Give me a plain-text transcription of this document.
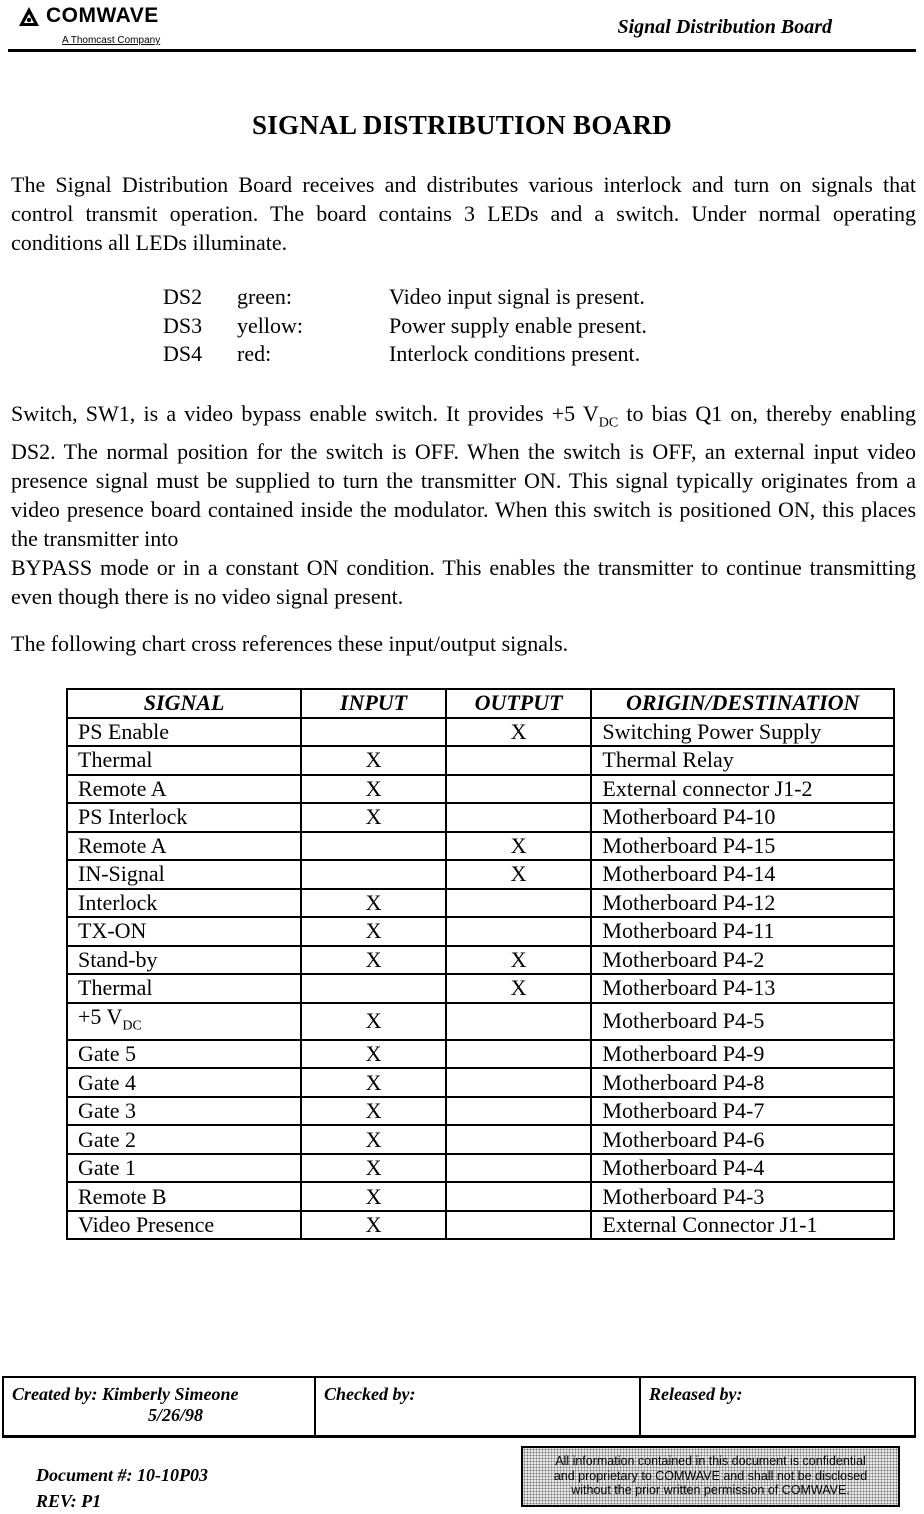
COMWAVE
A Thomcast Company
Signal Distribution Board
SIGNAL DISTRIBUTION BOARD
The Signal Distribution Board receives and distributes various interlock and turn on signals that control transmit operation. The board contains 3 LEDs and a switch. Under normal operating conditions all LEDs illuminate.
DS2 green:	Video input signal is present.
DS3 yellow:	Power supply enable present.
DS4 red:	Interlock conditions present.
Switch, SW1, is a video bypass enable switch. It provides +5 $V_{DC}$ to bias Q1 on, thereby enabling DS2. The normal position for the switch is OFF. When the switch is OFF, an external input video presence signal must be supplied to turn the transmitter ON. This signal typically originates from a video presence board contained inside the modulator. When this switch is positioned ON, this places the transmitter into
BYPASS mode or in a constant ON condition. This enables the transmitter to continue transmitting even though there is no video signal present.
The following chart cross references these input/output signals.
SIGNAL	INPUT	OUTPUT	ORIGIN/DESTINATION
PS Enable		X	Switching Power Supply
Thermal	X		Thermal Relay
Remote A	X		External connector J1-2
PS Interlock	X		Motherboard P4-10
Remote A		X	Motherboard P4-15
IN-Signal		X	Motherboard P4-14
Interlock	X		Motherboard P4-12
TX-ON	X		Motherboard P4-11
Stand-by	X	X	Motherboard P4-2
Thermal		X	Motherboard P4-13
+5 $V_{DC}$	X		Motherboard P4-5
Gate 5	X		Motherboard P4-9
Gate 4	X		Motherboard P4-8
Gate 3	X		Motherboard P4-7
Gate 2	X		Motherboard P4-6
Gate 1	X		Motherboard P4-4
Remote B	X		Motherboard P4-3
Video Presence	X		External Connector J1-1
Created by: Kimberly Simeone
5/26/98
Checked by:	Released by:
Document #: 10-10P03
REV: P1
All information contained in this document is confidential
and proprietary to COMWAVE and shall not be disclosed
without the prior written permission of COMWAVE.
